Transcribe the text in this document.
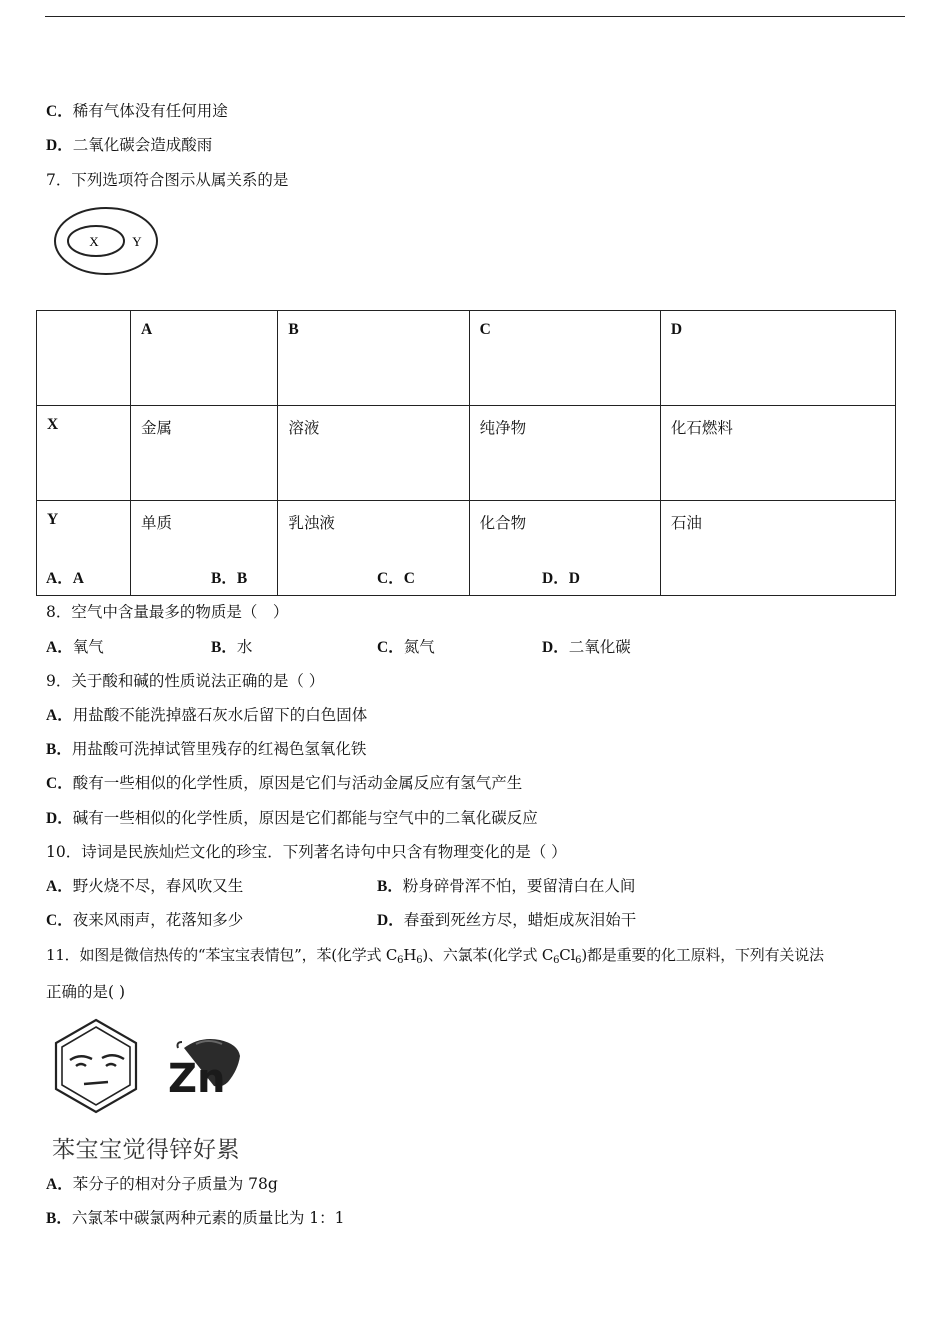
C．稀有气体没有任何用途
D．二氧化碳会造成酸雨
7．下列选项符合图示从属关系的是
X	Y
	A	B	C	D
X	金属	溶液	纯净物	化石燃料
Y	单质	乳浊液	化合物	石油
A．A	B．B	C．C	D．D
8．空气中含量最多的物质是（　）
A．氧气	B．水	C．氮气	D．二氧化碳
9．关于酸和碱的性质说法正确的是（ ）
A．用盐酸不能洗掉盛石灰水后留下的白色固体
B．用盐酸可洗掉试管里残存的红褐色氢氧化铁
C．酸有一些相似的化学性质，原因是它们与活动金属反应有氢气产生
D．碱有一些相似的化学性质，原因是它们都能与空气中的二氧化碳反应
10．诗词是民族灿烂文化的珍宝．下列著名诗句中只含有物理变化的是（ ）
A．野火烧不尽，春风吹又生	B．粉身碎骨浑不怕，要留清白在人间
C．夜来风雨声，花落知多少	D．春蚕到死丝方尽，蜡炬成灰泪始干
11．如图是微信热传的“苯宝宝表情包”，苯(化学式 $C_6H_6$)、六氯苯(化学式 $C_6Cl_6$)都是重要的化工原料，下列有关说法
正确的是( )
Zn
苯宝宝觉得锌好累
A．苯分子的相对分子质量为 78g
B．六氯苯中碳氯两种元素的质量比为 1：1
